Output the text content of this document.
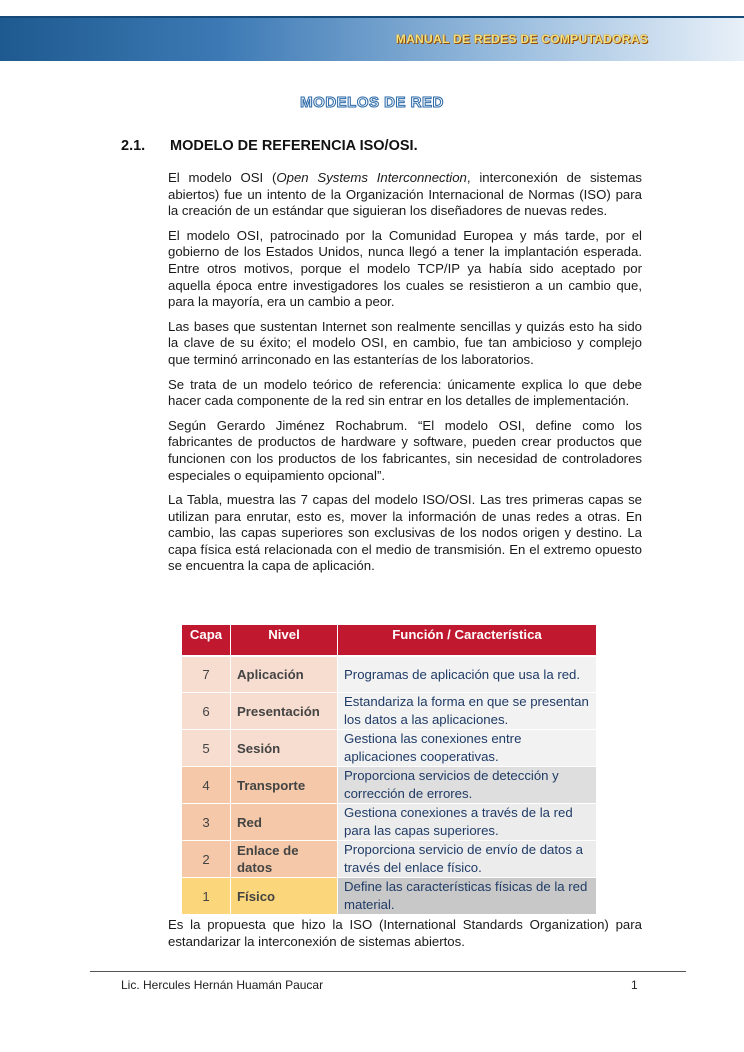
MANUAL DE REDES DE COMPUTADORAS
MODELOS DE RED
2.1. MODELO DE REFERENCIA ISO/OSI.

El modelo OSI (Open Systems Interconnection, interconexión de sistemas abiertos) fue un intento de la Organización Internacional de Normas (ISO) para la creación de un estándar que siguieran los diseñadores de nuevas redes.

El modelo OSI, patrocinado por la Comunidad Europea y más tarde, por el gobierno de los Estados Unidos, nunca llegó a tener la implantación esperada. Entre otros motivos, porque el modelo TCP/IP ya había sido aceptado por aquella época entre investigadores los cuales se resistieron a un cambio que, para la mayoría, era un cambio a peor.

Las bases que sustentan Internet son realmente sencillas y quizás esto ha sido la clave de su éxito; el modelo OSI, en cambio, fue tan ambicioso y complejo que terminó arrinconado en las estanterías de los laboratorios.

Se trata de un modelo teórico de referencia: únicamente explica lo que debe hacer cada componente de la red sin entrar en los detalles de implementación.

Según Gerardo Jiménez Rochabrum. “El modelo OSI, define como los fabricantes de productos de hardware y software, pueden crear productos que funcionen con los productos de los fabricantes, sin necesidad de controladores especiales o equipamiento opcional”.

La Tabla, muestra las 7 capas del modelo ISO/OSI. Las tres primeras capas se utilizan para enrutar, esto es, mover la información de unas redes a otras. En cambio, las capas superiores son exclusivas de los nodos origen y destino. La capa física está relacionada con el medio de transmisión. En el extremo opuesto se encuentra la capa de aplicación.

Capa	Nivel	Función / Característica
7	Aplicación	Programas de aplicación que usa la red.
6	Presentación	Estandariza la forma en que se presentan los datos a las aplicaciones.
5	Sesión	Gestiona las conexiones entre aplicaciones cooperativas.
4	Transporte	Proporciona servicios de detección y corrección de errores.
3	Red	Gestiona conexiones a través de la red para las capas superiores.
2	Enlace de datos	Proporciona servicio de envío de datos a través del enlace físico.
1	Físico	Define las características físicas de la red material.
Es la propuesta que hizo la ISO (International Standards Organization) para estandarizar la interconexión de sistemas abiertos.
Lic. Hercules Hernán Huamán Paucar	1
